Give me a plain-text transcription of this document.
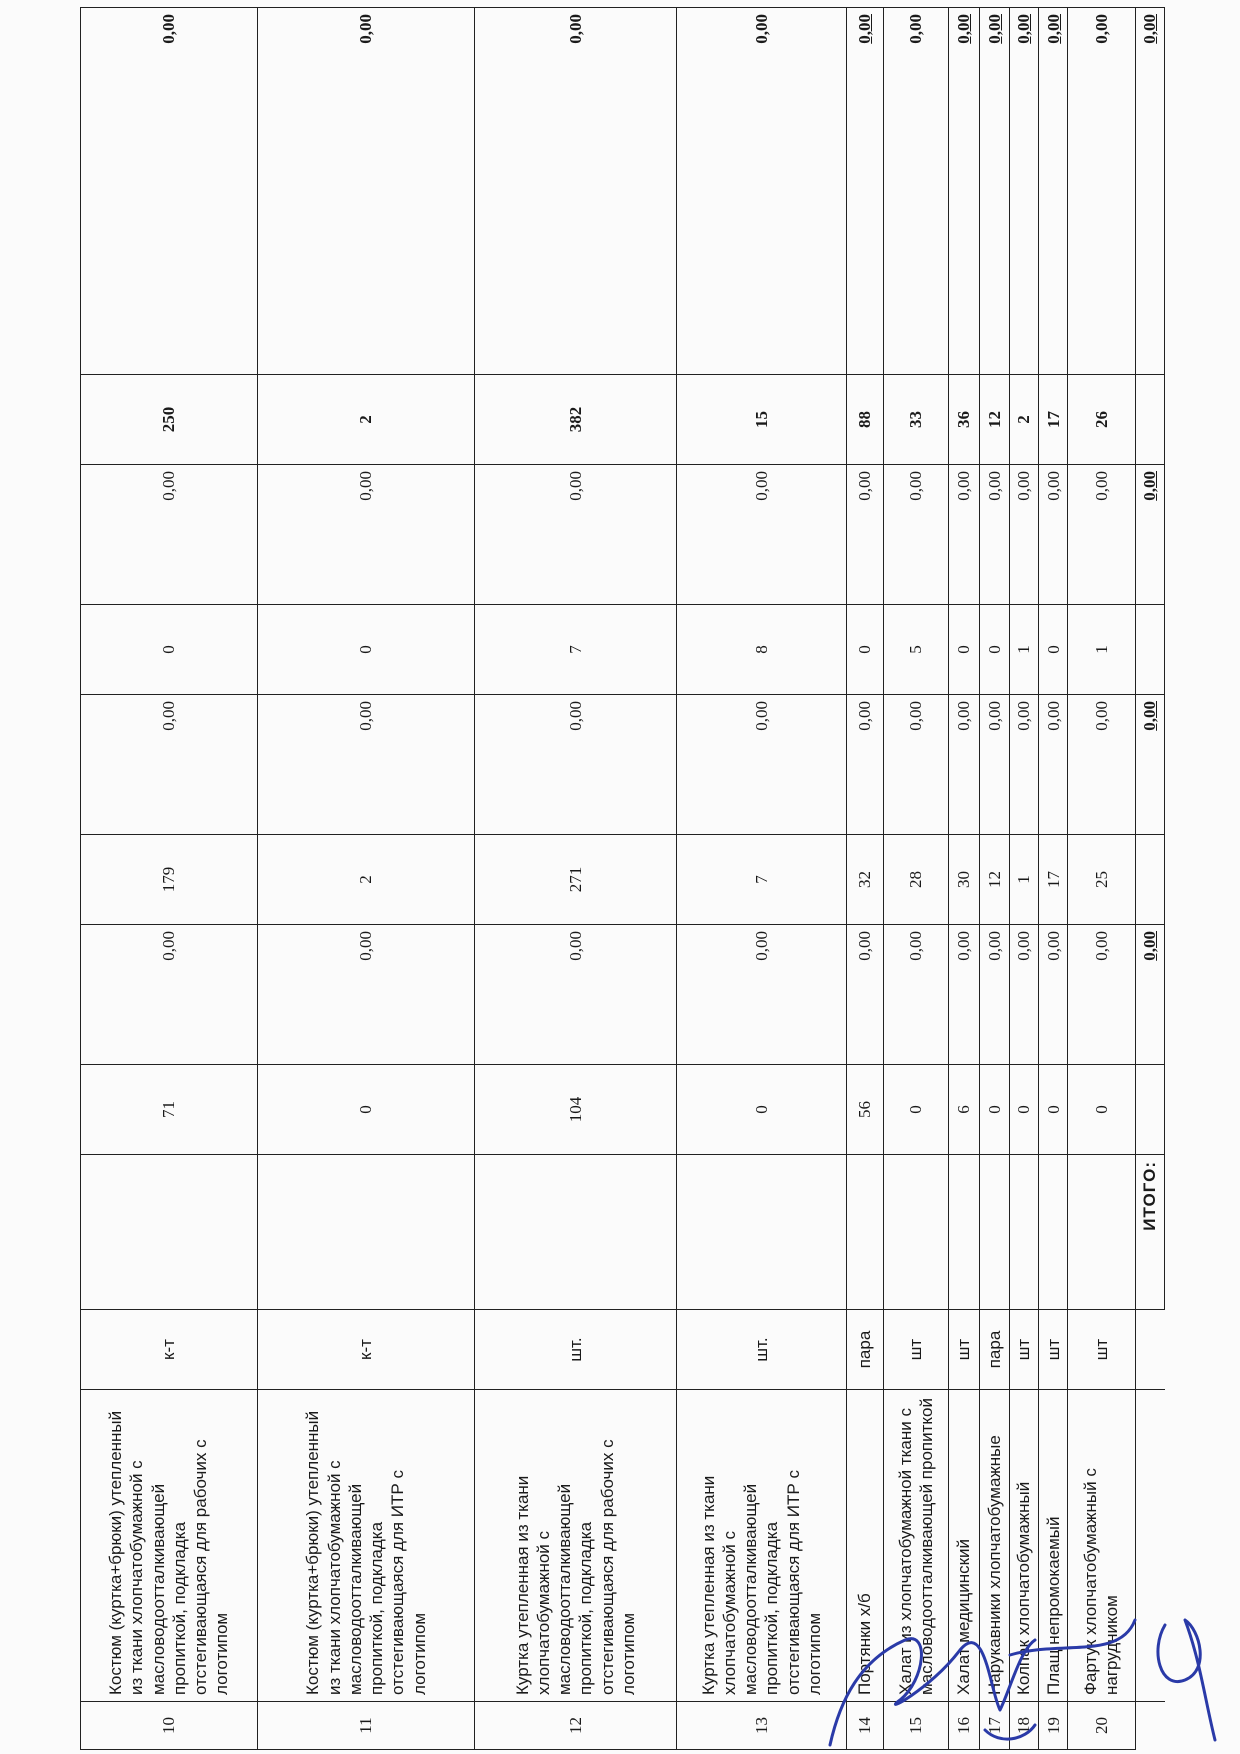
10	Костюм (куртка+брюки) утепленный из ткани хлопчатобумажной с масловодоотталкивающей пропиткой, подкладка отстегивающаяся для рабочих с логотипом	к-т		71	0,00	179	0,00	0	0,00	250	0,00
11	Костюм (куртка+брюки) утепленный из ткани хлопчатобумажной с масловодоотталкивающей пропиткой, подкладка отстегивающаяся для ИТР с логотипом	к-т		0	0,00	2	0,00	0	0,00	2	0,00
12	Куртка утепленная из ткани хлопчатобумажной с масловодоотталкивающей пропиткой, подкладка отстегивающаяся для рабочих с логотипом	шт.		104	0,00	271	0,00	7	0,00	382	0,00
13	Куртка утепленная из ткани хлопчатобумажной с масловодоотталкивающей пропиткой, подкладка отстегивающаяся для ИТР с логотипом	шт.		0	0,00	7	0,00	8	0,00	15	0,00
14	Портянки х/б	пара		56	0,00	32	0,00	0	0,00	88	0,00
15	Халат из хлопчатобумажной ткани с масловодоотталкивающей пропиткой	шт		0	0,00	28	0,00	5	0,00	33	0,00
16	Халат медицинский	шт		6	0,00	30	0,00	0	0,00	36	0,00
17	Нарукавники хлопчатобумажные	пара		0	0,00	12	0,00	0	0,00	12	0,00
18	Колпак хлопчатобумажный	шт		0	0,00	1	0,00	1	0,00	2	0,00
19	Плащ непромокаемый	шт		0	0,00	17	0,00	0	0,00	17	0,00
20	Фартук хлопчатобумажный с нагрудником	шт		0	0,00	25	0,00	1	0,00	26	0,00
			ИТОГО:		0,00		0,00		0,00		0,00
